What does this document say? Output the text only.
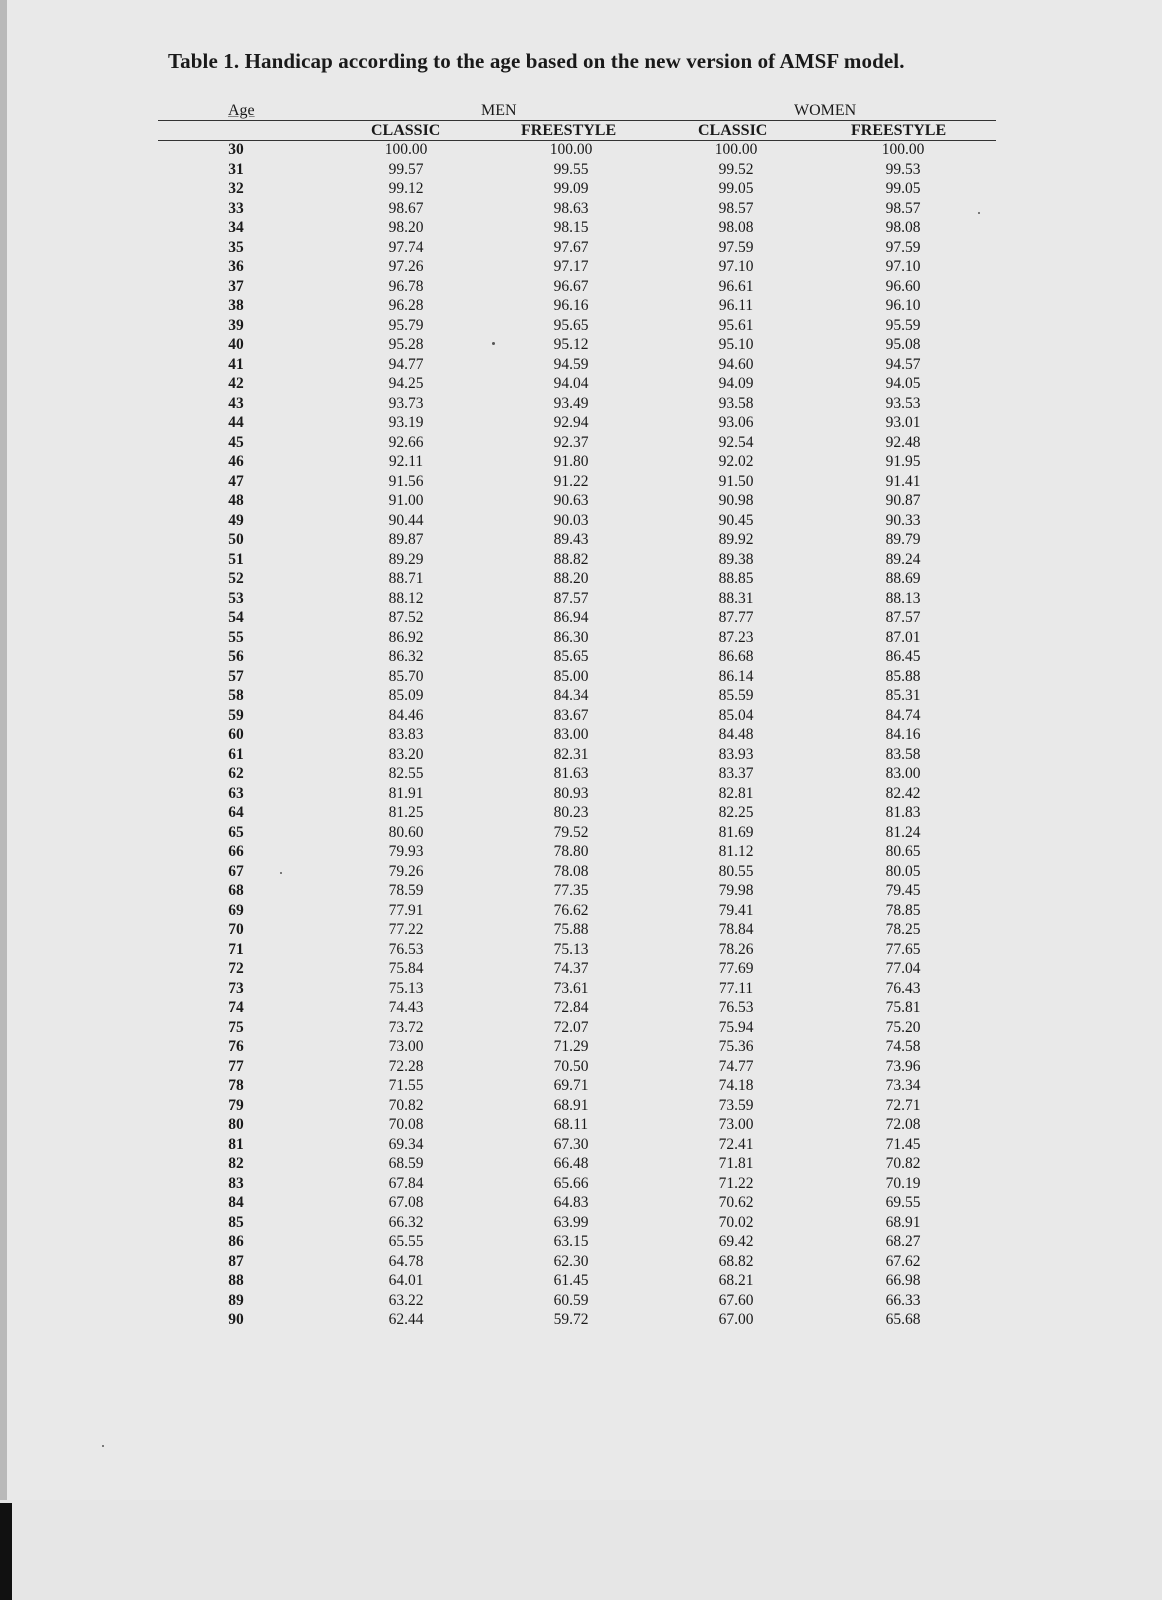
Table 1. Handicap according to the age based on the new version of AMSF model.
Age	MEN	WOMEN
CLASSIC	FREESTYLE	CLASSIC	FREESTYLE
30	100.00	100.00	100.00	100.00
31	99.57	99.55	99.52	99.53
32	99.12	99.09	99.05	99.05
33	98.67	98.63	98.57	98.57
34	98.20	98.15	98.08	98.08
35	97.74	97.67	97.59	97.59
36	97.26	97.17	97.10	97.10
37	96.78	96.67	96.61	96.60
38	96.28	96.16	96.11	96.10
39	95.79	95.65	95.61	95.59
40	95.28	95.12	95.10	95.08
41	94.77	94.59	94.60	94.57
42	94.25	94.04	94.09	94.05
43	93.73	93.49	93.58	93.53
44	93.19	92.94	93.06	93.01
45	92.66	92.37	92.54	92.48
46	92.11	91.80	92.02	91.95
47	91.56	91.22	91.50	91.41
48	91.00	90.63	90.98	90.87
49	90.44	90.03	90.45	90.33
50	89.87	89.43	89.92	89.79
51	89.29	88.82	89.38	89.24
52	88.71	88.20	88.85	88.69
53	88.12	87.57	88.31	88.13
54	87.52	86.94	87.77	87.57
55	86.92	86.30	87.23	87.01
56	86.32	85.65	86.68	86.45
57	85.70	85.00	86.14	85.88
58	85.09	84.34	85.59	85.31
59	84.46	83.67	85.04	84.74
60	83.83	83.00	84.48	84.16
61	83.20	82.31	83.93	83.58
62	82.55	81.63	83.37	83.00
63	81.91	80.93	82.81	82.42
64	81.25	80.23	82.25	81.83
65	80.60	79.52	81.69	81.24
66	79.93	78.80	81.12	80.65
67	79.26	78.08	80.55	80.05
68	78.59	77.35	79.98	79.45
69	77.91	76.62	79.41	78.85
70	77.22	75.88	78.84	78.25
71	76.53	75.13	78.26	77.65
72	75.84	74.37	77.69	77.04
73	75.13	73.61	77.11	76.43
74	74.43	72.84	76.53	75.81
75	73.72	72.07	75.94	75.20
76	73.00	71.29	75.36	74.58
77	72.28	70.50	74.77	73.96
78	71.55	69.71	74.18	73.34
79	70.82	68.91	73.59	72.71
80	70.08	68.11	73.00	72.08
81	69.34	67.30	72.41	71.45
82	68.59	66.48	71.81	70.82
83	67.84	65.66	71.22	70.19
84	67.08	64.83	70.62	69.55
85	66.32	63.99	70.02	68.91
86	65.55	63.15	69.42	68.27
87	64.78	62.30	68.82	67.62
88	64.01	61.45	68.21	66.98
89	63.22	60.59	67.60	66.33
90	62.44	59.72	67.00	65.68
